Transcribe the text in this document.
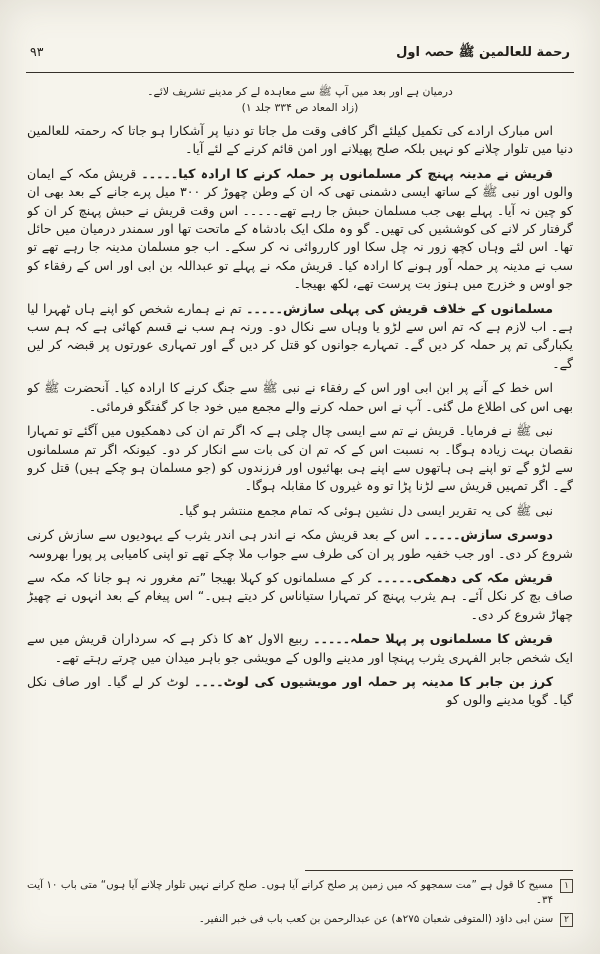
رحمة للعالمین ﷺ حصہ اول
۹۳
درمیان ہے اور بعد میں آپ ﷺ سے معاہدہ لے کر مدینے تشریف لائے۔
(زاد المعاد ص ۳۳۴ جلد ۱)

اس مبارک ارادے کی تکمیل کیلئے اگر کافی وقت مل جاتا تو دنیا پر آشکارا ہو جاتا کہ رحمتہ للعالمین دنیا میں تلوار چلانے کو نہیں بلکہ صلح پھیلانے اور امن قائم کرنے کے لئے آیا۔

قریش نے مدینہ پہنچ کر مسلمانوں پر حملہ کرنے کا ارادہ کیا۔۔۔۔۔ قریش مکہ کے ایمان والوں اور نبی ﷺ کے ساتھ ایسی دشمنی تھی کہ ان کے وطن چھوڑ کر ۳۰۰ میل پرے جانے کے بعد بھی ان کو چین نہ آیا۔ پہلے بھی جب مسلمان حبش جا رہے تھے۔۔۔۔۔ اس وقت قریش نے حبش پہنچ کر ان کو گرفتار کر لانے کی کوششیں کی تھیں۔ گو وہ ملک ایک بادشاہ کے ماتحت تھا اور سمندر درمیان میں حائل تھا۔ اس لئے وہاں کچھ زور نہ چل سکا اور کارروائی نہ کر سکے۔ اب جو مسلمان مدینہ جا رہے تھے تو سب نے مدینہ پر حملہ آور ہونے کا ارادہ کیا۔ قریش مکہ نے پہلے تو عبداللہ بن ابی اور اس کے رفقاء کو جو اوس و خزرج میں ہنوز بت پرست تھے، لکھ بھیجا۔

مسلمانوں کے خلاف قریش کی پہلی سازش۔۔۔۔۔ تم نے ہمارے شخص کو اپنے ہاں ٹھہرا لیا ہے۔ اب لازم ہے کہ تم اس سے لڑو یا وہاں سے نکال دو۔ ورنہ ہم سب نے قسم کھائی ہے کہ ہم سب یکبارگی تم پر حملہ کر دیں گے۔ تمہارے جوانوں کو قتل کر دیں گے اور تمہاری عورتوں پر قبضہ کر لیں گے۔

اس خط کے آنے پر ابن ابی اور اس کے رفقاء نے نبی ﷺ سے جنگ کرنے کا ارادہ کیا۔ آنحضرت ﷺ کو بھی اس کی اطلاع مل گئی۔ آپ نے اس حملہ کرنے والے مجمع میں خود جا کر گفتگو فرمائی۔

نبی ﷺ نے فرمایا۔ قریش نے تم سے ایسی چال چلی ہے کہ اگر تم ان کی دھمکیوں میں آگئے تو تمہارا نقصان بہت زیادہ ہوگا۔ بہ نسبت اس کے کہ تم ان کی بات سے انکار کر دو۔ کیونکہ اگر تم مسلمانوں سے لڑو گے تو اپنے ہی ہاتھوں سے اپنے ہی بھائیوں اور فرزندوں کو (جو مسلمان ہو چکے ہیں) قتل کرو گے۔ اگر تمہیں قریش سے لڑنا پڑا تو وہ غیروں کا مقابلہ ہوگا۔

نبی ﷺ کی یہ تقریر ایسی دل نشین ہوئی کہ تمام مجمع منتشر ہو گیا۔

دوسری سازش۔۔۔۔۔ اس کے بعد قریش مکہ نے اندر ہی اندر یثرب کے یہودیوں سے سازش کرنی شروع کر دی۔ اور جب خفیہ طور پر ان کی طرف سے جواب ملا چکے تھے تو اپنی کامیابی پر پورا بھروسہ

قریش مکہ کی دھمکی۔۔۔۔۔ کر کے مسلمانوں کو کہلا بھیجا ”تم مغرور نہ ہو جانا کہ مکہ سے صاف بچ کر نکل آئے۔ ہم یثرب پہنچ کر تمہارا ستیاناس کر دیتے ہیں۔“ اس پیغام کے بعد انہوں نے چھیڑ چھاڑ شروع کر دی۔

قریش کا مسلمانوں پر پہلا حملہ۔۔۔۔۔ ربیع الاول ۲ھ کا ذکر ہے کہ سرداران قریش میں سے ایک شخص جابر الفہری یثرب پہنچا اور مدینے والوں کے مویشی جو باہر میدان میں چرتے رہتے تھے۔

کرز بن جابر کا مدینہ پر حملہ اور مویشیوں کی لوٹ۔۔۔۔ لوٹ کر لے گیا۔ اور صاف نکل گیا۔ گویا مدینے والوں کو

۱
مسیح کا قول ہے ”مت سمجھو کہ میں زمین پر صلح کرانے آیا ہوں۔ صلح کرانے نہیں تلوار چلانے آیا ہوں“ متی باب ۱۰ آیت ۳۴۔
۲
سنن ابی داؤد (المتوفی شعبان ۲۷۵ھ) عن عبدالرحمن بن کعب باب فی خبر النفیر۔
